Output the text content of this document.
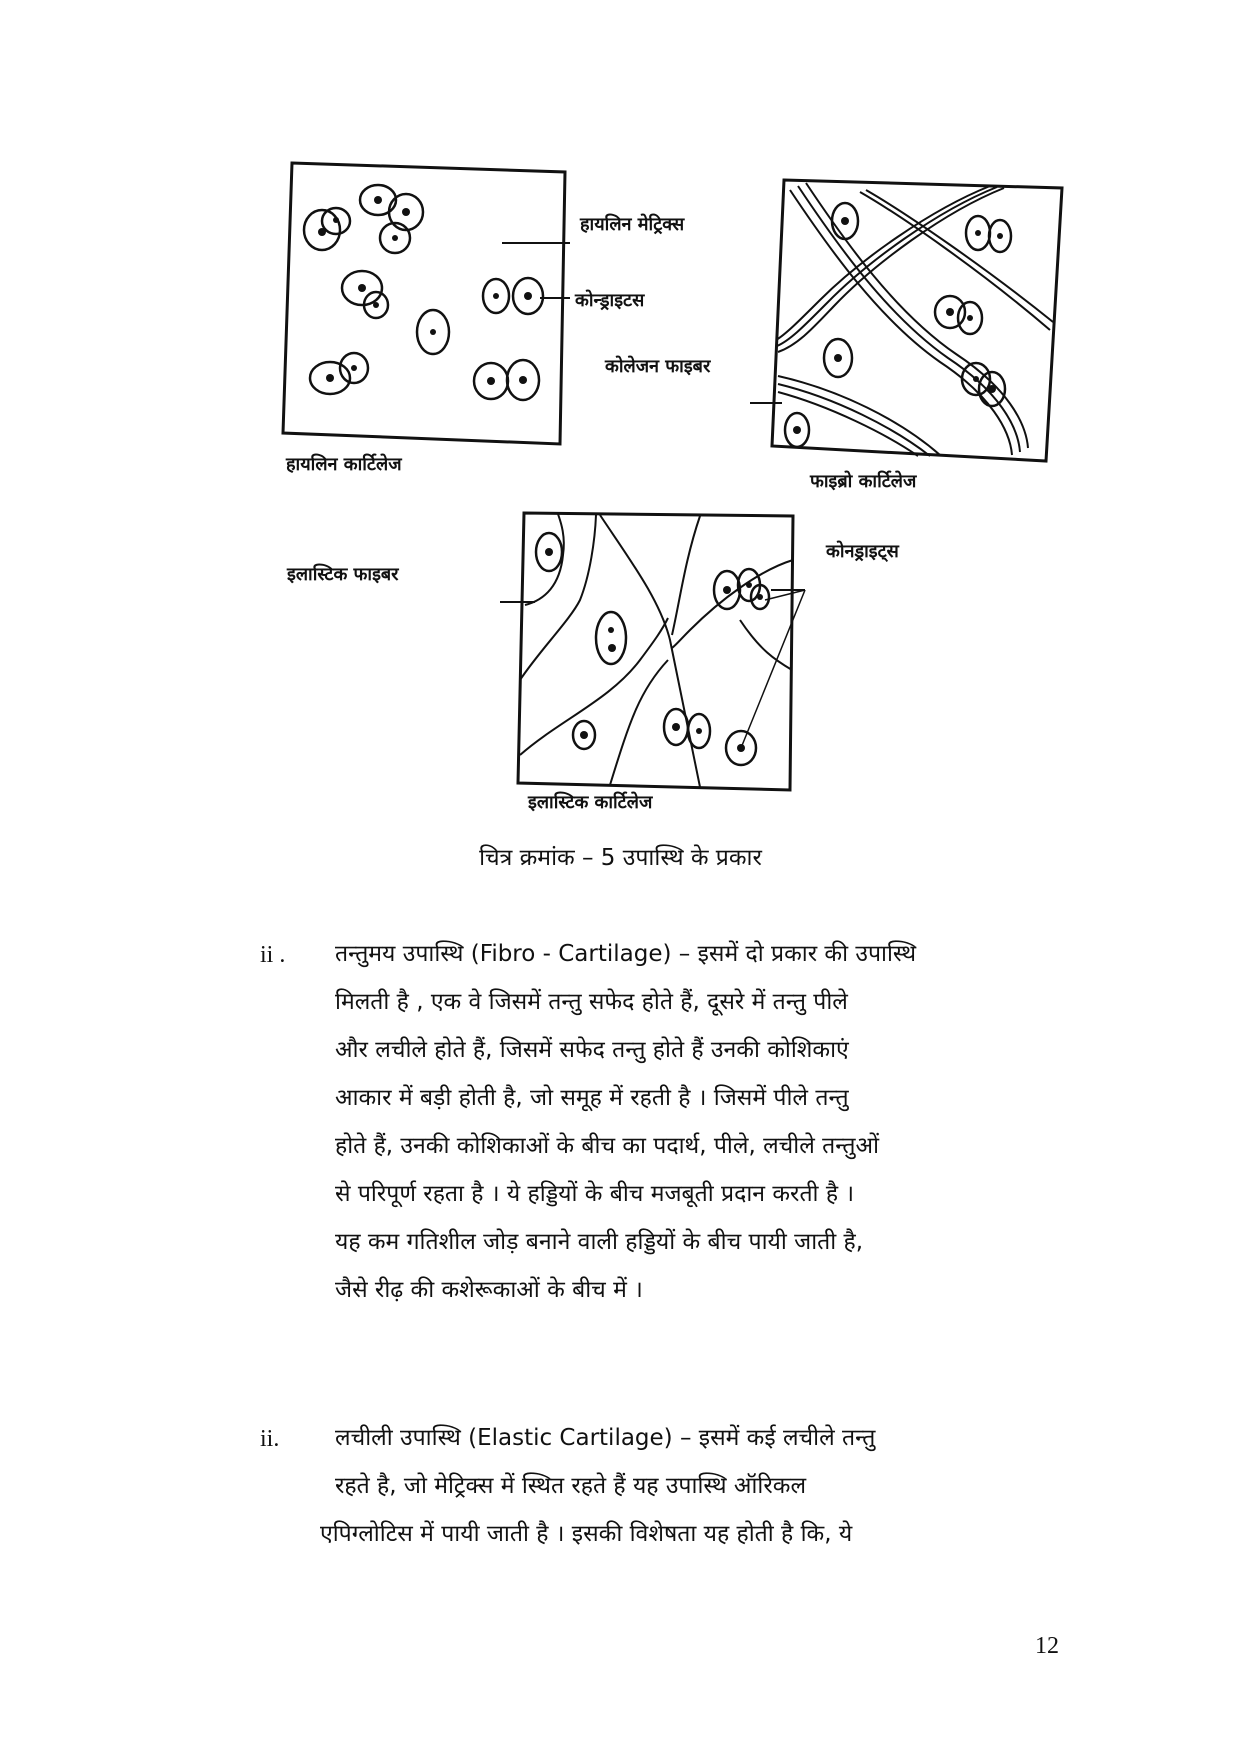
हायलिन मेट्रिक्स
कोन्ड्राइटस
कोलेजन फाइबर
हायलिन कार्टिलेज
फाइब्रो कार्टिलेज
इलास्टिक फाइबर
कोनड्राइट्स
इलास्टिक कार्टिलेज
चित्र क्रमांक – 5 उपास्थि के प्रकार
ii . तन्तुमय उपास्थि (Fibro - Cartilage) – इसमें दो प्रकार की उपास्थि
मिलती है , एक वे जिसमें तन्तु सफेद होते हैं, दूसरे में तन्तु पीले
और लचीले होते हैं, जिसमें सफेद तन्तु होते हैं उनकी कोशिकाएं
आकार में बड़ी होती है, जो समूह में रहती है । जिसमें पीले तन्तु
होते हैं, उनकी कोशिकाओं के बीच का पदार्थ, पीले, लचीले तन्तुओं
से परिपूर्ण रहता है । ये हड्डियों के बीच मजबूती प्रदान करती है ।
यह कम गतिशील जोड़ बनाने वाली हड्डियों के बीच पायी जाती है,
जैसे रीढ़ की कशेरूकाओं के बीच में ।
ii. लचीली उपास्थि (Elastic Cartilage) – इसमें कई लचीले तन्तु
रहते है, जो मेट्रिक्स में स्थित रहते हैं यह उपास्थि ऑरिकल
एपिग्लोटिस में पायी जाती है । इसकी विशेषता यह होती है कि, ये
12
